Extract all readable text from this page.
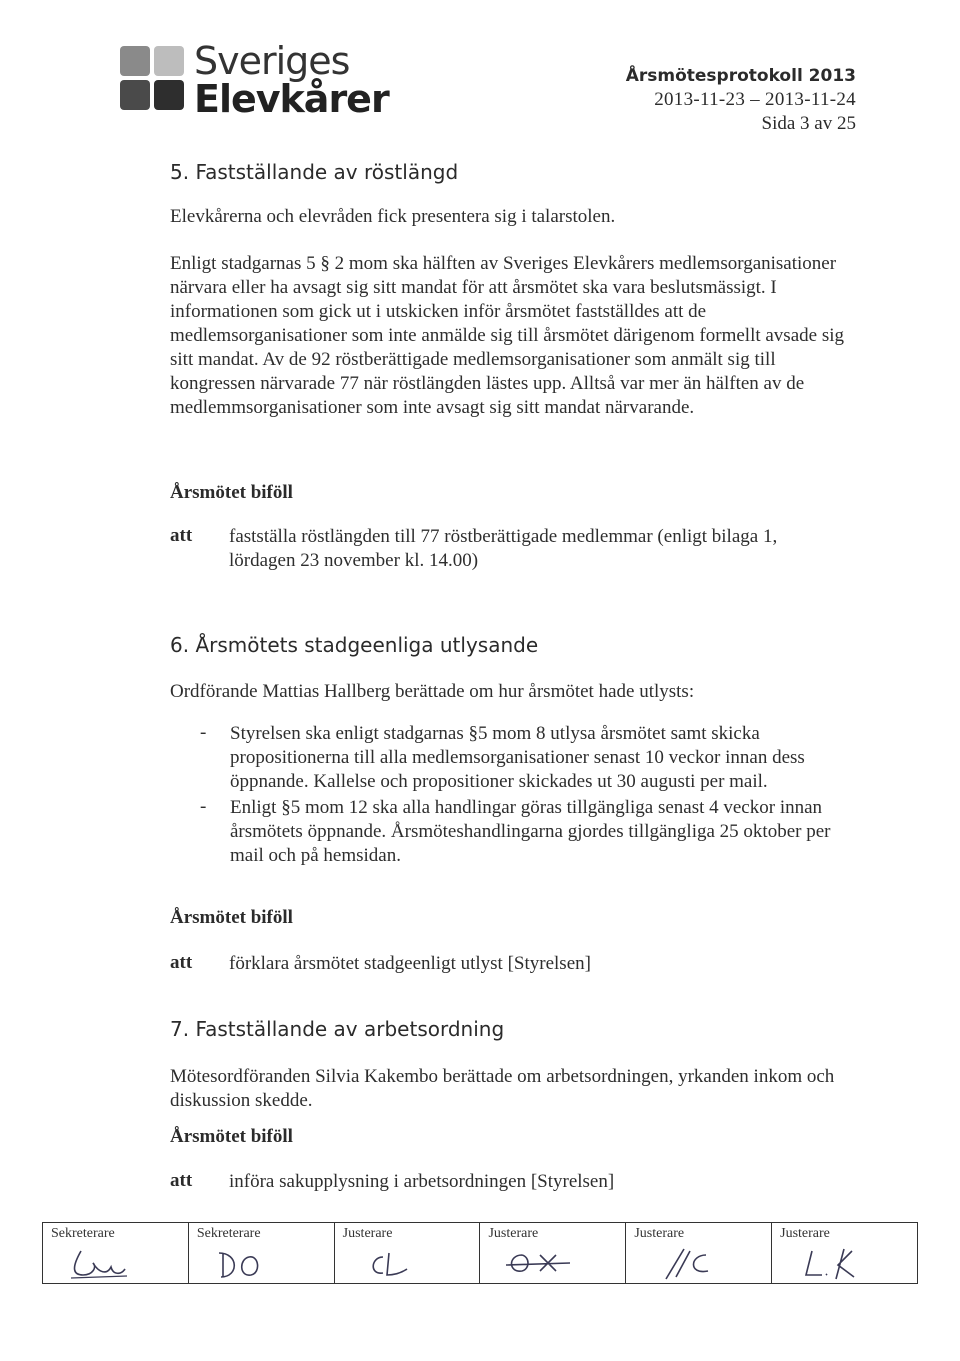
Sveriges
Elevkårer
Årsmötesprotokoll 2013
2013-11-23 – 2013-11-24
Sida 3 av 25
5. Fastställande av röstlängd
Elevkårerna och elevråden fick presentera sig i talarstolen.
Enligt stadgarnas 5 § 2 mom ska hälften av Sveriges Elevkårers medlemsorganisationer närvara eller ha avsagt sig sitt mandat för att årsmötet ska vara beslutsmässigt. I informationen som gick ut i utskicken inför årsmötet fastställdes att de medlemsorganisationer som inte anmälde sig till årsmötet därigenom formellt avsade sig sitt mandat. Av de 92 röstberättigade medlemsorganisationer som anmält sig till kongressen närvarade 77 när röstlängden lästes upp. Alltså var mer än hälften av de medlemmsorganisationer som inte avsagt sig sitt mandat närvarande.
Årsmötet biföll
att fastställa röstlängden till 77 röstberättigade medlemmar (enligt bilaga 1, lördagen 23 november kl. 14.00)
6. Årsmötets stadgeenliga utlysande
Ordförande Mattias Hallberg berättade om hur årsmötet hade utlysts:
- Styrelsen ska enligt stadgarnas §5 mom 8 utlysa årsmötet samt skicka propositionerna till alla medlemsorganisationer senast 10 veckor innan dess öppnande. Kallelse och propositioner skickades ut 30 augusti per mail.
- Enligt §5 mom 12 ska alla handlingar göras tillgängliga senast 4 veckor innan årsmötets öppnande. Årsmöteshandlingarna gjordes tillgängliga 25 oktober per mail och på hemsidan.
Årsmötet biföll
att förklara årsmötet stadgeenligt utlyst [Styrelsen]
7. Fastställande av arbetsordning
Mötesordföranden Silvia Kakembo berättade om arbetsordningen, yrkanden inkom och diskussion skedde.
Årsmötet biföll
att införa sakupplysning i arbetsordningen [Styrelsen]
Sekreterare	Sekreterare	Justerare	Justerare	Justerare	Justerare
